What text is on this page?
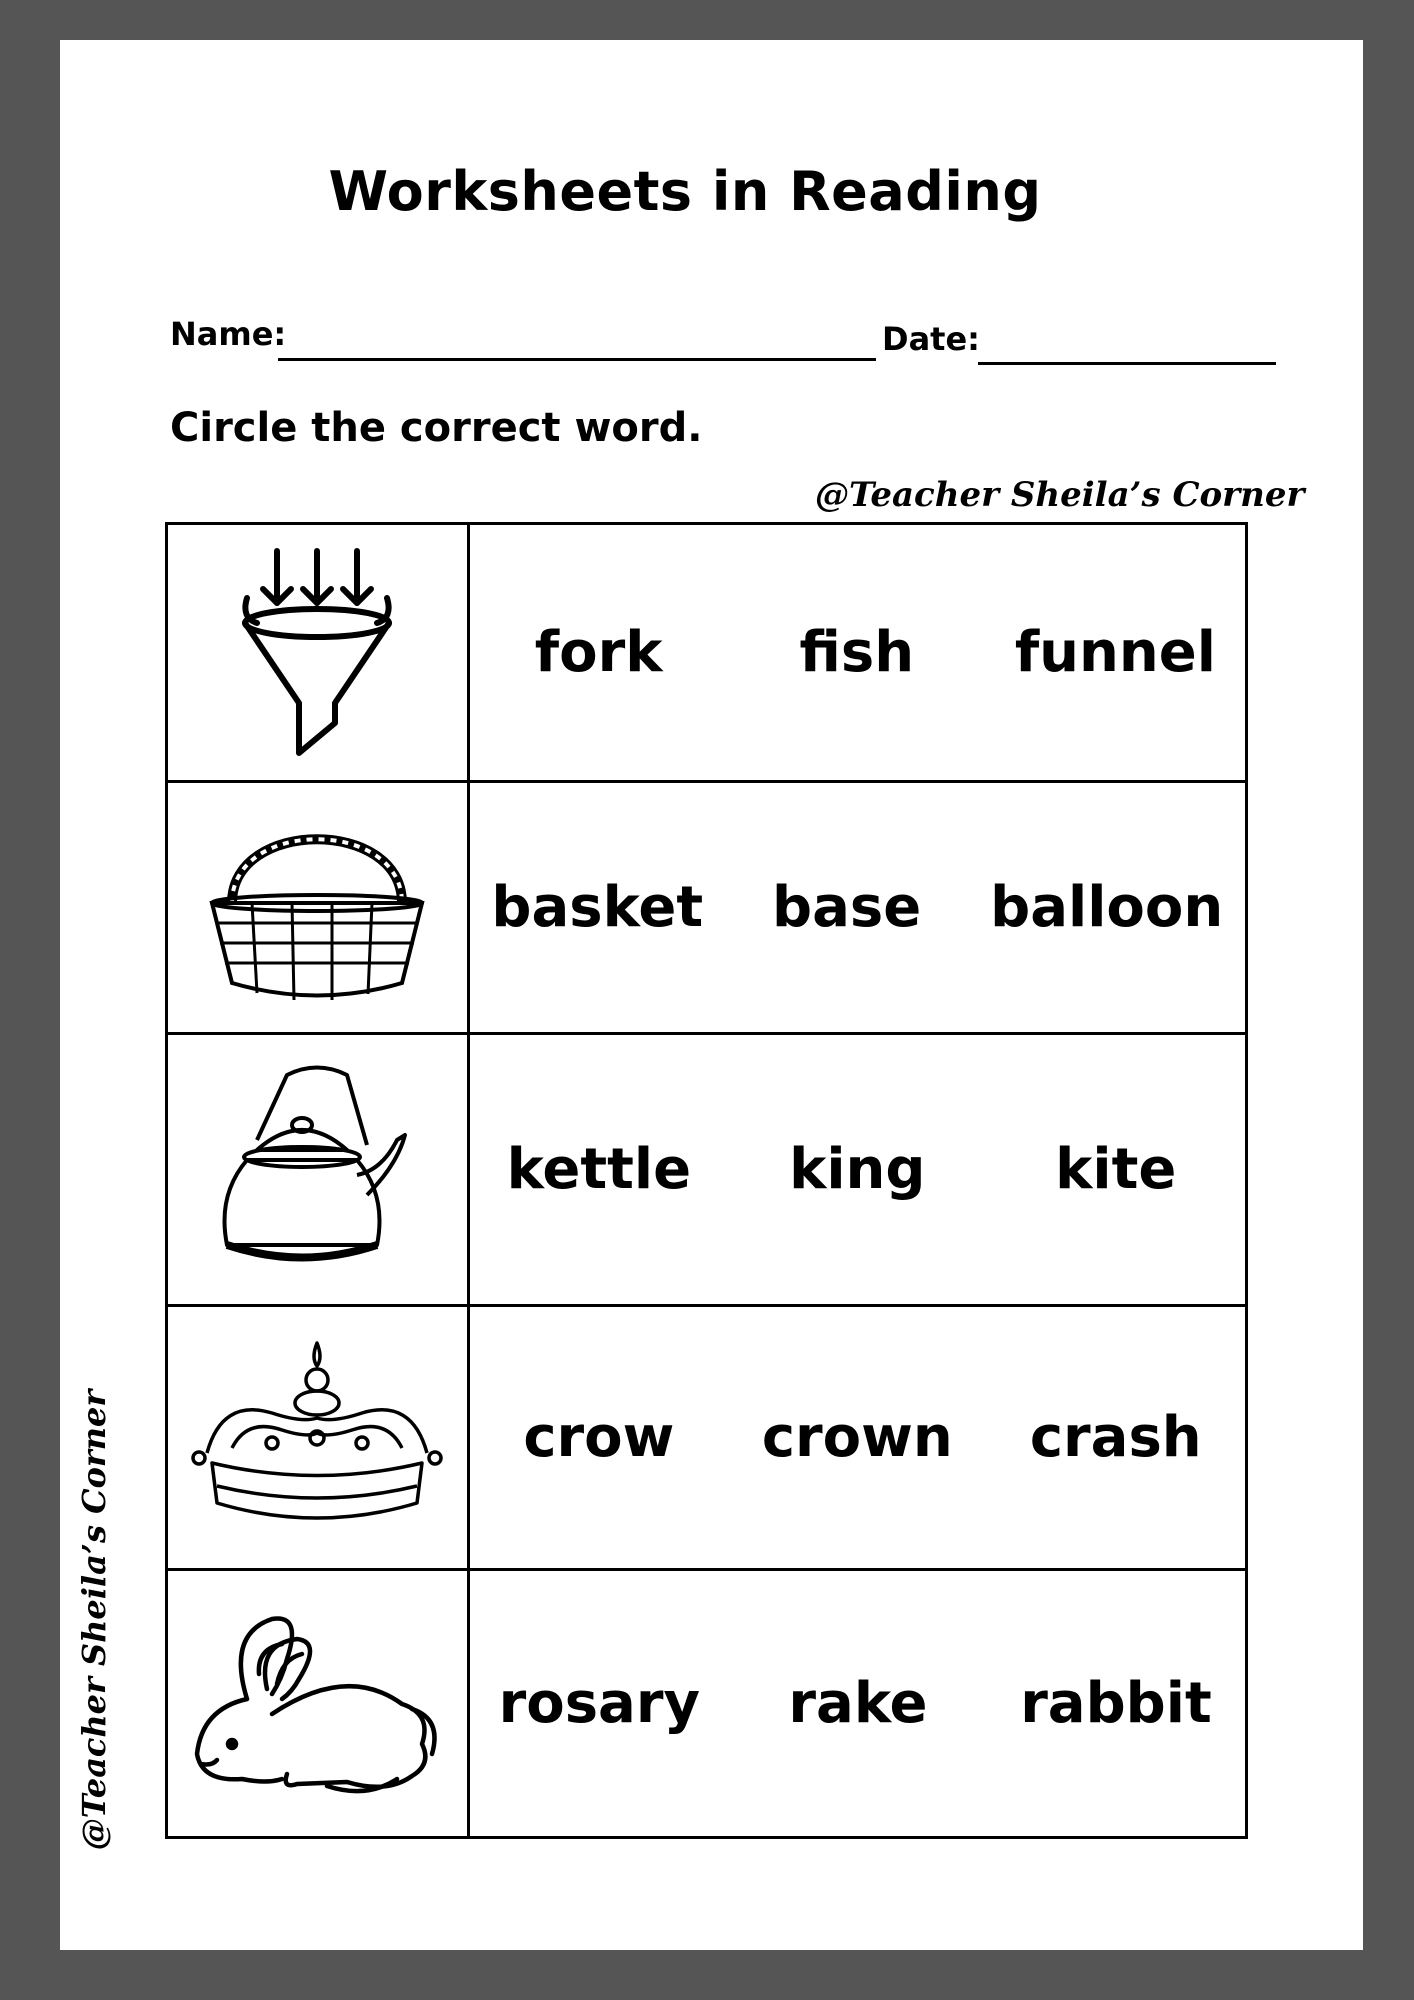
Worksheets in Reading
Name:	Date:
Circle the correct word.
@Teacher Sheila’s Corner

fork fish funnel

basket base balloon

kettle king kite

crow crown crash

rosary rake rabbit
@Teacher Sheila’s Corner
